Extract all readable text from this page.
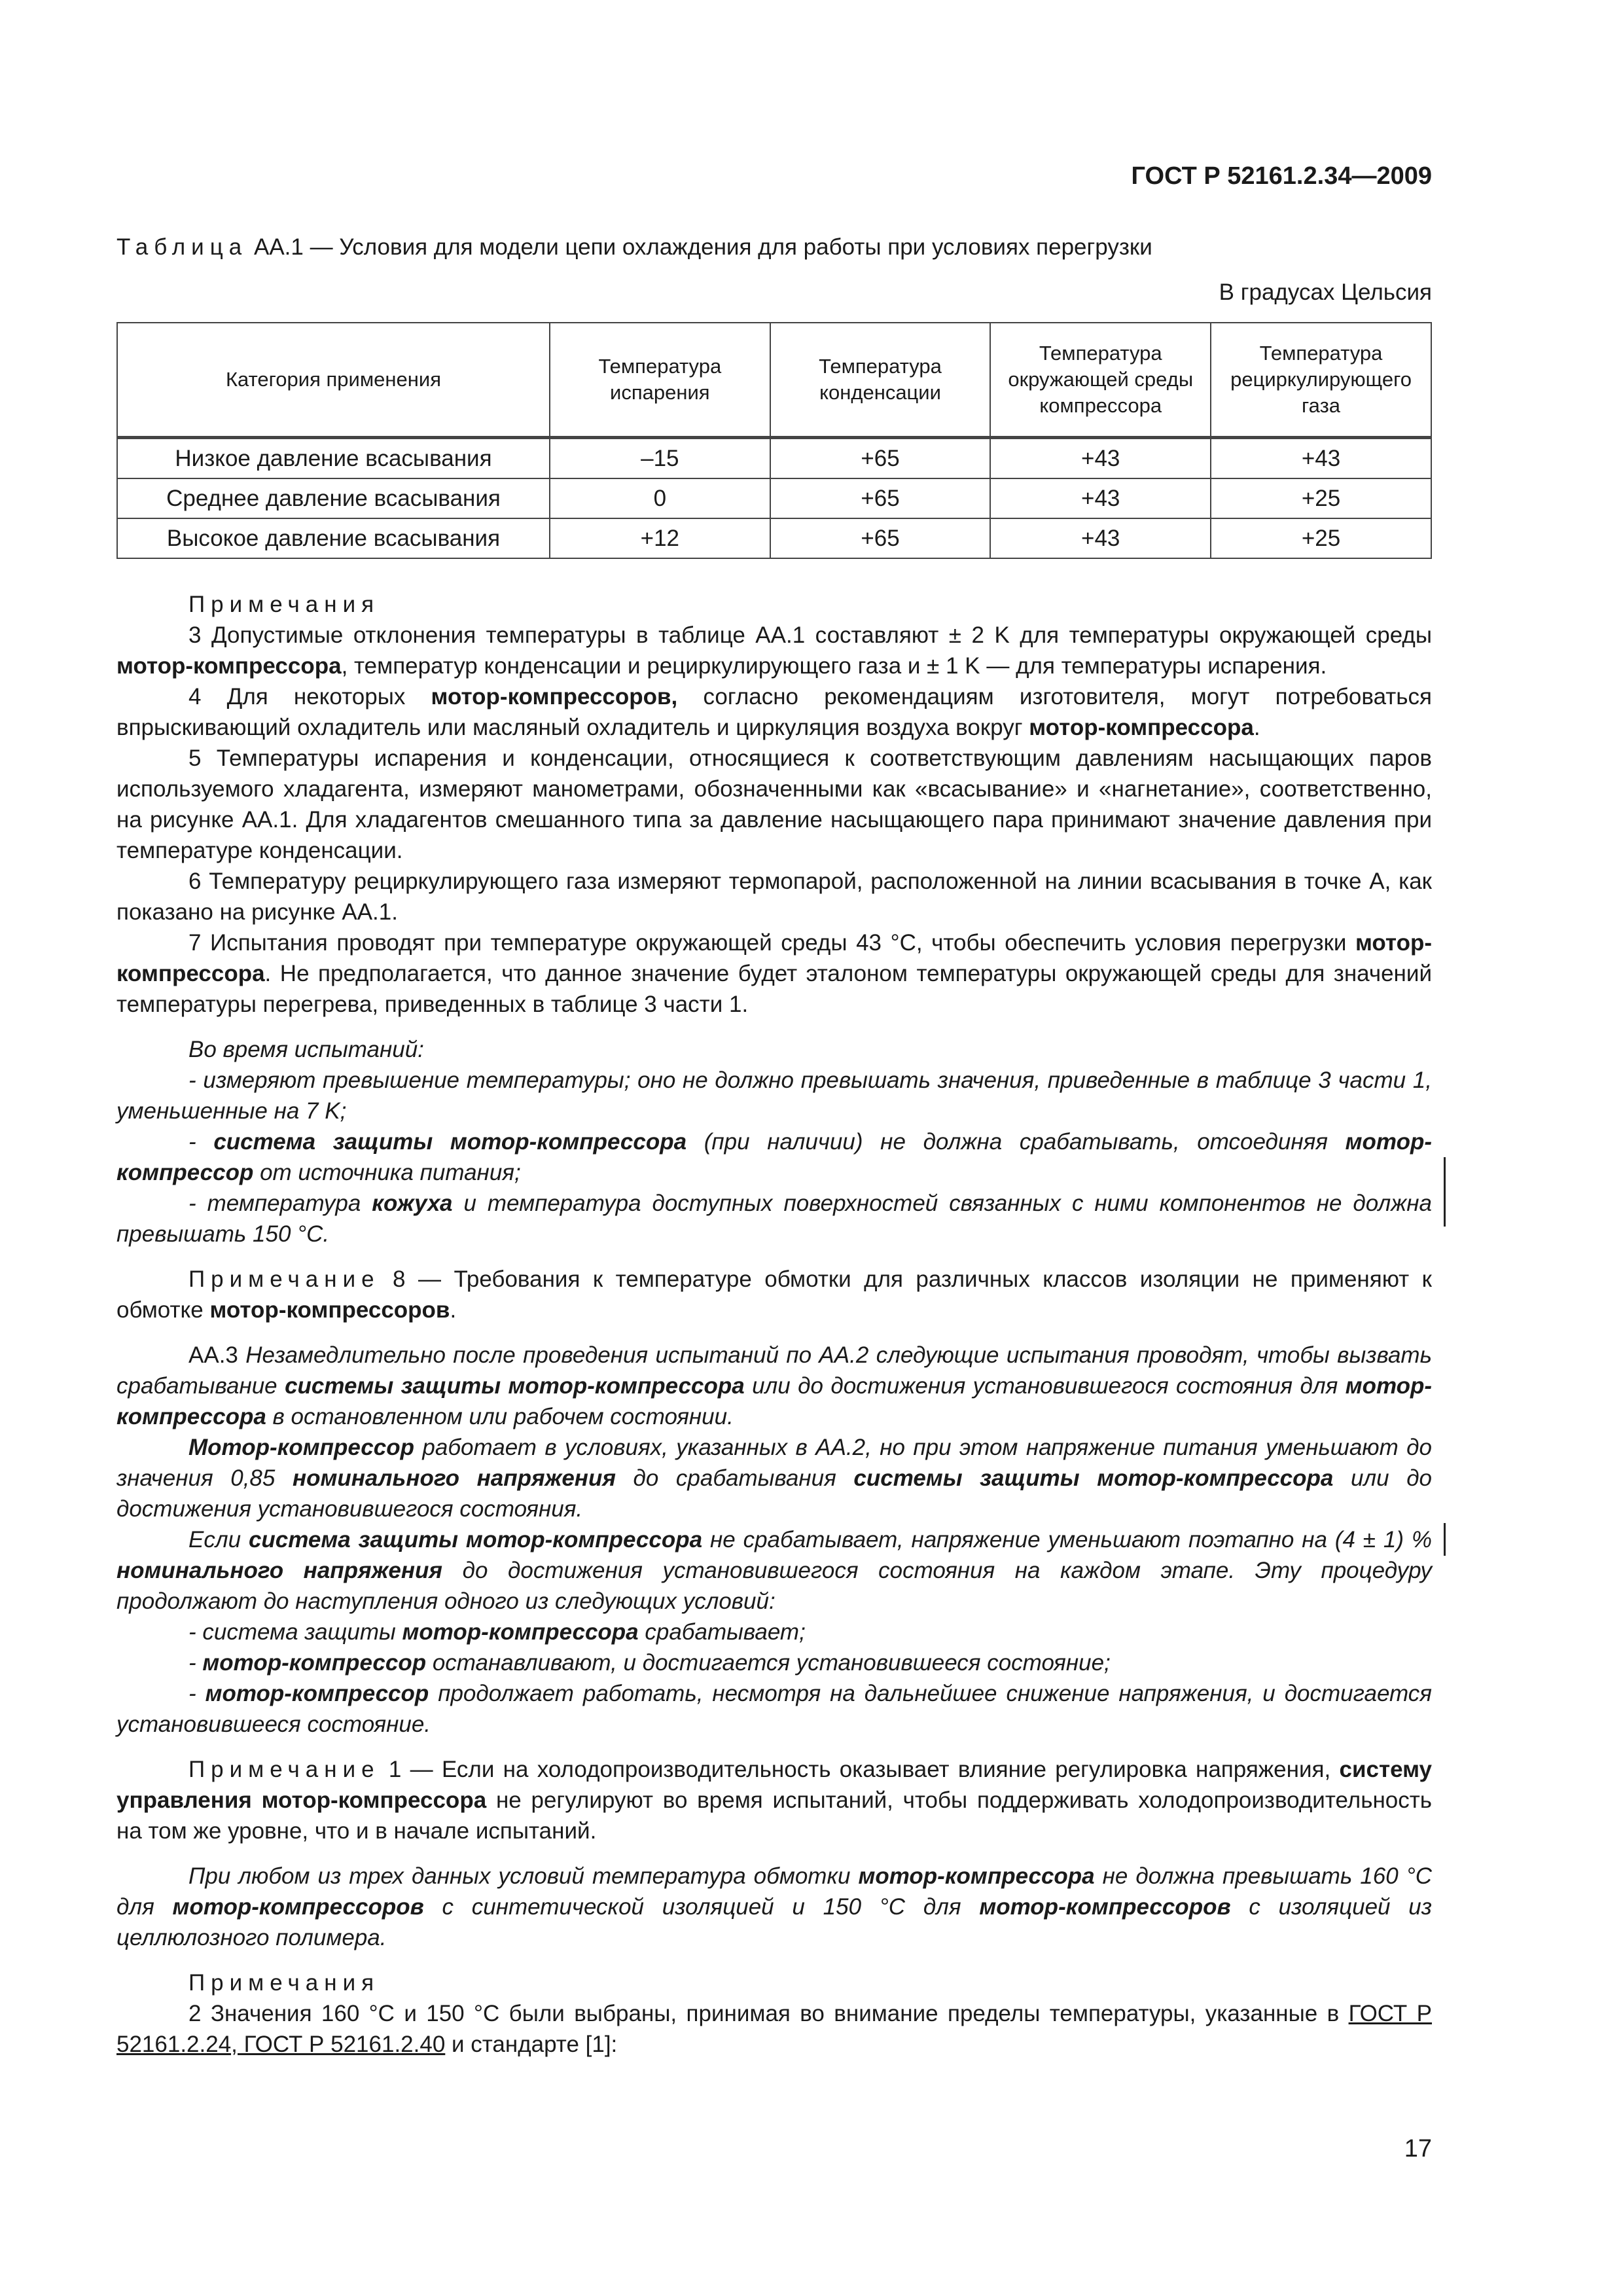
ГОСТ Р 52161.2.34—2009
Таблица АА.1 — Условия для модели цепи охлаждения для работы при условиях перегрузки
В градусах Цельсия
Категория применения	Температура испарения	Температура конденсации	Температура окружающей среды компрессора	Температура рециркулирующего газа
Низкое давление всасывания	–15	+65	+43	+43
Среднее давление всасывания	0	+65	+43	+25
Высокое давление всасывания	+12	+65	+43	+25

Примечания

3 Допустимые отклонения температуры в таблице АА.1 составляют ± 2 K для температуры окружающей среды мотор-компрессора, температур конденсации и рециркулирующего газа и ± 1 K — для температуры испарения.

4 Для некоторых мотор-компрессоров, согласно рекомендациям изготовителя, могут потребоваться впрыскивающий охладитель или масляный охладитель и циркуляция воздуха вокруг мотор-компрессора.

5 Температуры испарения и конденсации, относящиеся к соответствующим давлениям насыщающих паров используемого хладагента, измеряют манометрами, обозначенными как «всасывание» и «нагнетание», соответственно, на рисунке АА.1. Для хладагентов смешанного типа за давление насыщающего пара принимают значение давления при температуре конденсации.

6 Температуру рециркулирующего газа измеряют термопарой, расположенной на линии всасывания в точке А, как показано на рисунке АА.1.

7 Испытания проводят при температуре окружающей среды 43 °C, чтобы обеспечить условия перегрузки мотор-компрессора. Не предполагается, что данное значение будет эталоном температуры окружающей среды для значений температуры перегрева, приведенных в таблице 3 части 1.

Во время испытаний:

- измеряют превышение температуры; оно не должно превышать значения, приведенные в таблице 3 части 1, уменьшенные на 7 K;

- система защиты мотор-компрессора (при наличии) не должна срабатывать, отсоединяя мотор-компрессор от источника питания;

- температура кожуха и температура доступных поверхностей связанных с ними компонентов не должна превышать 150 °C.

Примечание 8 — Требования к температуре обмотки для различных классов изоляции не применяют к обмотке мотор-компрессоров.

АА.3 Незамедлительно после проведения испытаний по АА.2 следующие испытания проводят, чтобы вызвать срабатывание системы защиты мотор-компрессора или до достижения установившегося состояния для мотор-компрессора в остановленном или рабочем состоянии.

Мотор-компрессор работает в условиях, указанных в АА.2, но при этом напряжение питания уменьшают до значения 0,85 номинального напряжения до срабатывания системы защиты мотор-компрессора или до достижения установившегося состояния.

Если система защиты мотор-компрессора не срабатывает, напряжение уменьшают поэтапно на (4 ± 1) % номинального напряжения до достижения установившегося состояния на каждом этапе. Эту процедуру продолжают до наступления одного из следующих условий:

- система защиты мотор-компрессора срабатывает;

- мотор-компрессор останавливают, и достигается установившееся состояние;

- мотор-компрессор продолжает работать, несмотря на дальнейшее снижение напряжения, и достигается установившееся состояние.

Примечание 1 — Если на холодопроизводительность оказывает влияние регулировка напряжения, систему управления мотор-компрессора не регулируют во время испытаний, чтобы поддерживать холодопроизводительность на том же уровне, что и в начале испытаний.

При любом из трех данных условий температура обмотки мотор-компрессора не должна превышать 160 °C для мотор-компрессоров с синтетической изоляцией и 150 °C для мотор-компрессоров с изоляцией из целлюлозного полимера.

Примечания

2 Значения 160 °C и 150 °C были выбраны, принимая во внимание пределы температуры, указанные в ГОСТ Р 52161.2.24, ГОСТ Р 52161.2.40 и стандарте [1]:

17
